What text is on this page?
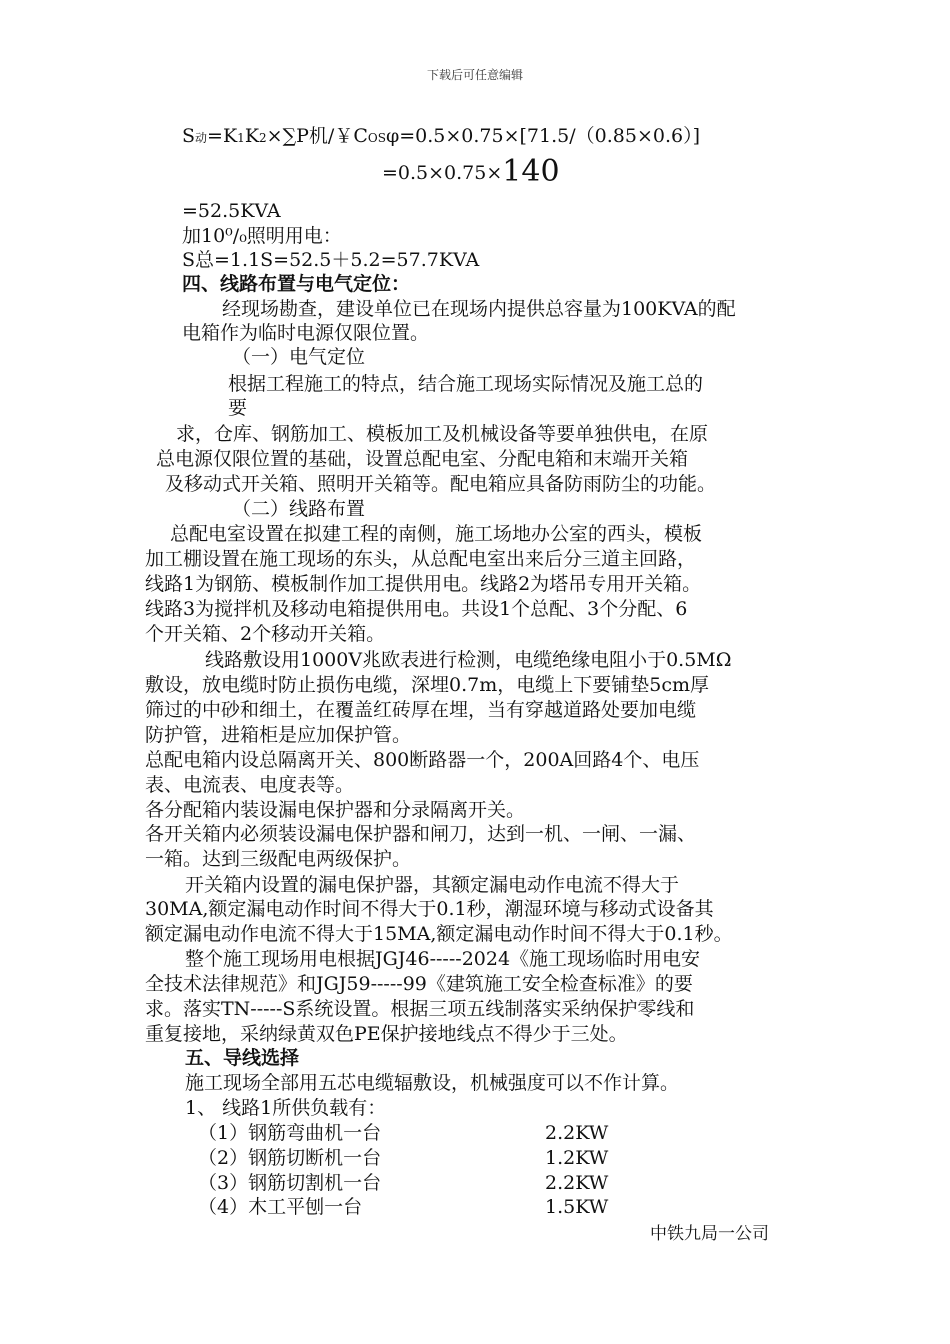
下载后可任意编辑
S动=K1K2×∑P机/￥COSφ=0.5×0.75×[71.5/（0.85×0.6）]
=0.5×0.75×140
=52.5KVA
加10⁰/₀照明用电：
S总=1.1S=52.5＋5.2=57.7KVA
四、线路布置与电气定位：
经现场勘查，建设单位已在现场内提供总容量为100KVA的配
电箱作为临时电源仅限位置。
（一）电气定位
根据工程施工的特点，结合施工现场实际情况及施工总的
要
求，仓库、钢筋加工、模板加工及机械设备等要单独供电，在原
总电源仅限位置的基础，设置总配电室、分配电箱和末端开关箱
及移动式开关箱、照明开关箱等。配电箱应具备防雨防尘的功能。
（二）线路布置
总配电室设置在拟建工程的南侧，施工场地办公室的西头，模板
加工棚设置在施工现场的东头，从总配电室出来后分三道主回路，
线路1为钢筋、模板制作加工提供用电。线路2为塔吊专用开关箱。
线路3为搅拌机及移动电箱提供用电。共设1个总配、3个分配、6
个开关箱、2个移动开关箱。
线路敷设用1000V兆欧表进行检测，电缆绝缘电阻小于0.5MΩ
敷设，放电缆时防止损伤电缆，深埋0.7m，电缆上下要铺垫5cm厚
筛过的中砂和细土，在覆盖红砖厚在埋，当有穿越道路处要加电缆
防护管，进箱柜是应加保护管。
总配电箱内设总隔离开关、800断路器一个，200A回路4个、电压
表、电流表、电度表等。
各分配箱内装设漏电保护器和分录隔离开关。
各开关箱内必须装设漏电保护器和闸刀，达到一机、一闸、一漏、
一箱。达到三级配电两级保护。
开关箱内设置的漏电保护器，其额定漏电动作电流不得大于
30MA,额定漏电动作时间不得大于0.1秒，潮湿环境与移动式设备其
额定漏电动作电流不得大于15MA,额定漏电动作时间不得大于0.1秒。
整个施工现场用电根据JGJ46-----2024《施工现场临时用电安
全技术法律规范》和JGJ59-----99《建筑施工安全检查标准》的要
求。落实TN-----S系统设置。根据三项五线制落实采纳保护零线和
重复接地，采纳绿黄双色PE保护接地线点不得少于三处。
五、导线选择
施工现场全部用五芯电缆辐敷设，机械强度可以不作计算。
1、 线路1所供负载有：
（1）钢筋弯曲机一台	2.2KW
（2）钢筋切断机一台	1.2KW
（3）钢筋切割机一台	2.2KW
（4）木工平刨一台	1.5KW
中铁九局一公司
